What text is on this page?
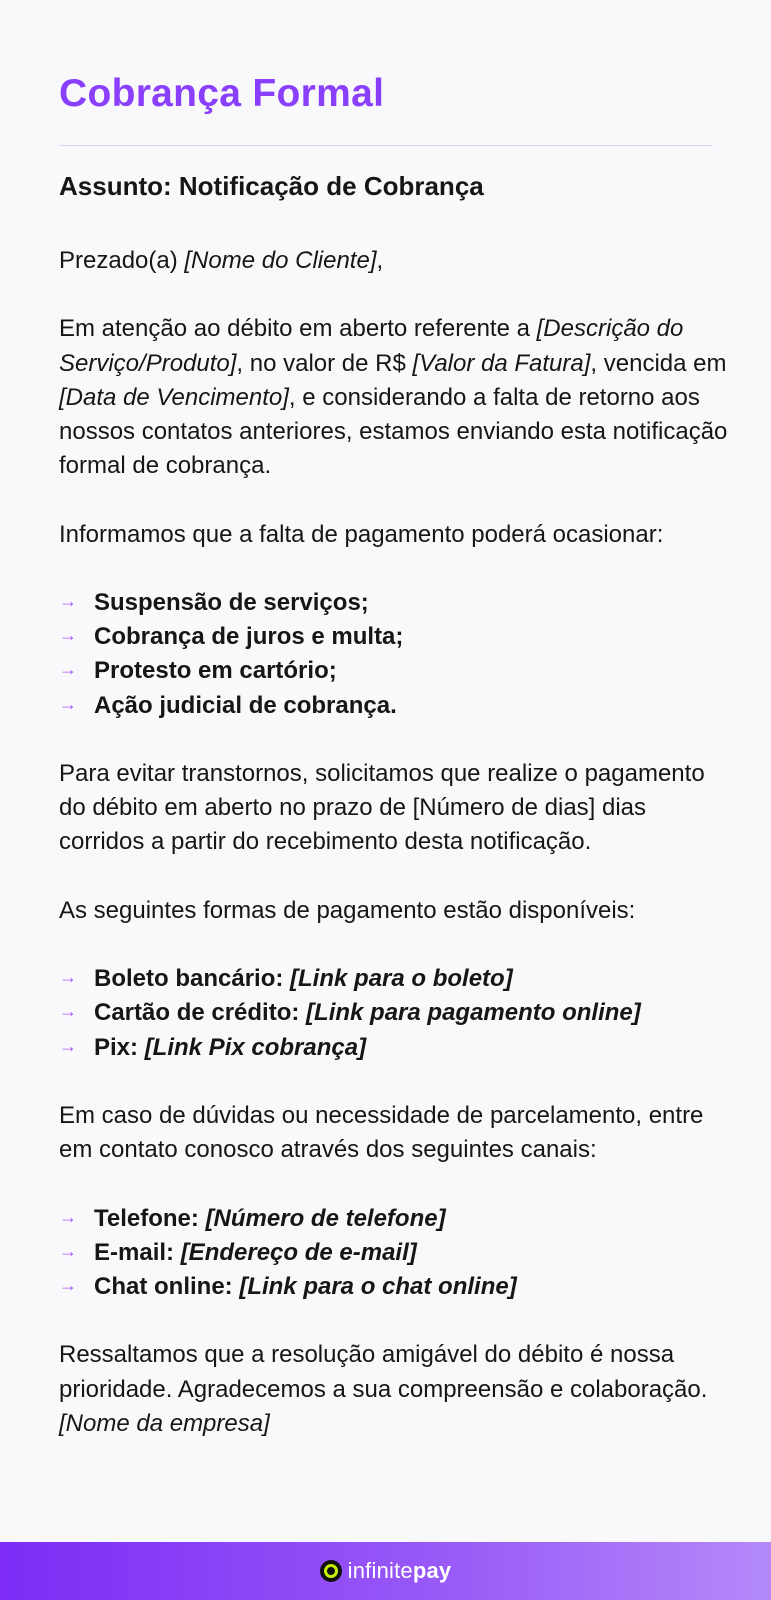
Cobrança Formal
Assunto: Notificação de Cobrança

Prezado(a) [Nome do Cliente],

Em atenção ao débito em aberto referente a [Descrição do Serviço/Produto], no valor de R$ [Valor da Fatura], vencida em [Data de Vencimento], e considerando a falta de retorno aos nossos contatos anteriores, estamos enviando esta notificação formal de cobrança.

Informamos que a falta de pagamento poderá ocasionar:

→ Suspensão de serviços;
→ Cobrança de juros e multa;
→ Protesto em cartório;
→ Ação judicial de cobrança.

Para evitar transtornos, solicitamos que realize o pagamento do débito em aberto no prazo de [Número de dias] dias corridos a partir do recebimento desta notificação.

As seguintes formas de pagamento estão disponíveis:

→ Boleto bancário: [Link para o boleto]
→ Cartão de crédito: [Link para pagamento online]
→ Pix: [Link Pix cobrança]

Em caso de dúvidas ou necessidade de parcelamento, entre em contato conosco através dos seguintes canais:

→ Telefone: [Número de telefone]
→ E-mail: [Endereço de e-mail]
→ Chat online: [Link para o chat online]

Ressaltamos que a resolução amigável do débito é nossa prioridade. Agradecemos a sua compreensão e colaboração.

[Nome da empresa]

infinitepay
